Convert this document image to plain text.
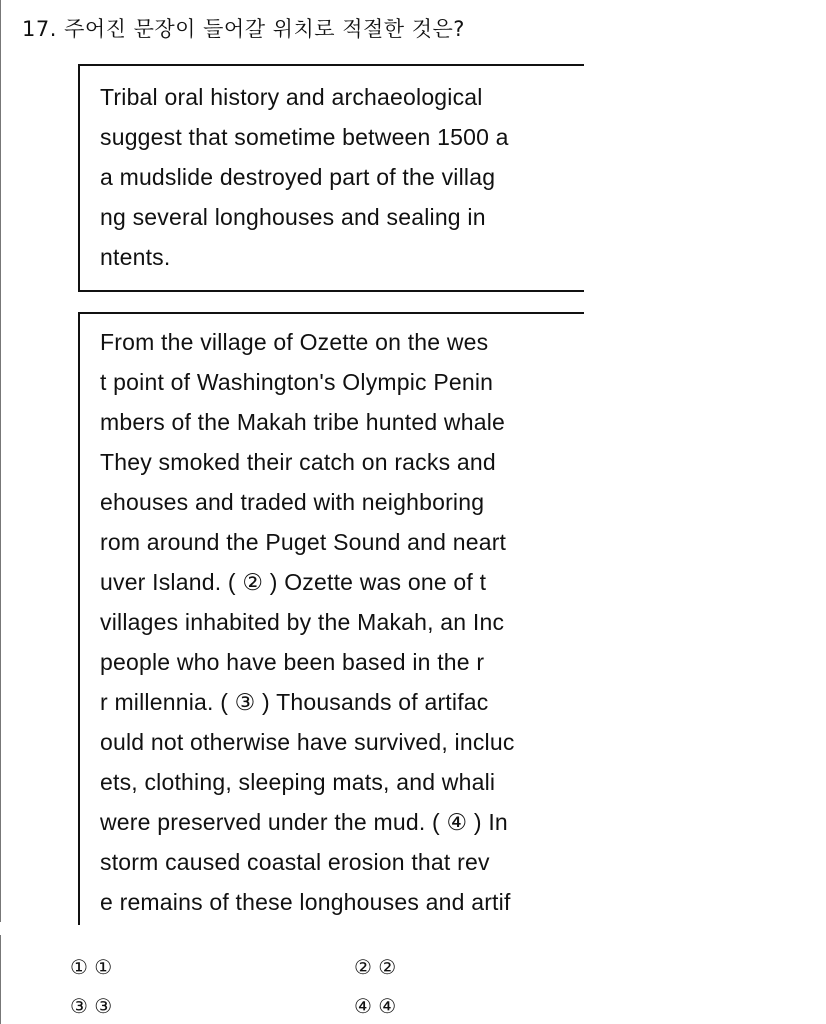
17. 주어진 문장이 들어갈 위치로 적절한 것은?
Tribal oral history and archaeological
suggest that sometime between 1500 a
a mudslide destroyed part of the villag
ng several longhouses and sealing in
ntents.
From the village of Ozette on the wes
t point of Washington's Olympic Penin
mbers of the Makah tribe hunted whale
They smoked their catch on racks and
ehouses and traded with neighboring
rom around the Puget Sound and neart
uver Island. ( ② ) Ozette was one of t
villages inhabited by the Makah, an Inc
people who have been based in the r
r millennia. ( ③ ) Thousands of artifac
ould not otherwise have survived, incluc
ets, clothing, sleeping mats, and whali
were preserved under the mud. ( ④ ) In
storm caused coastal erosion that rev
e remains of these longhouses and artif
① ①	② ②
③ ③	④ ④
